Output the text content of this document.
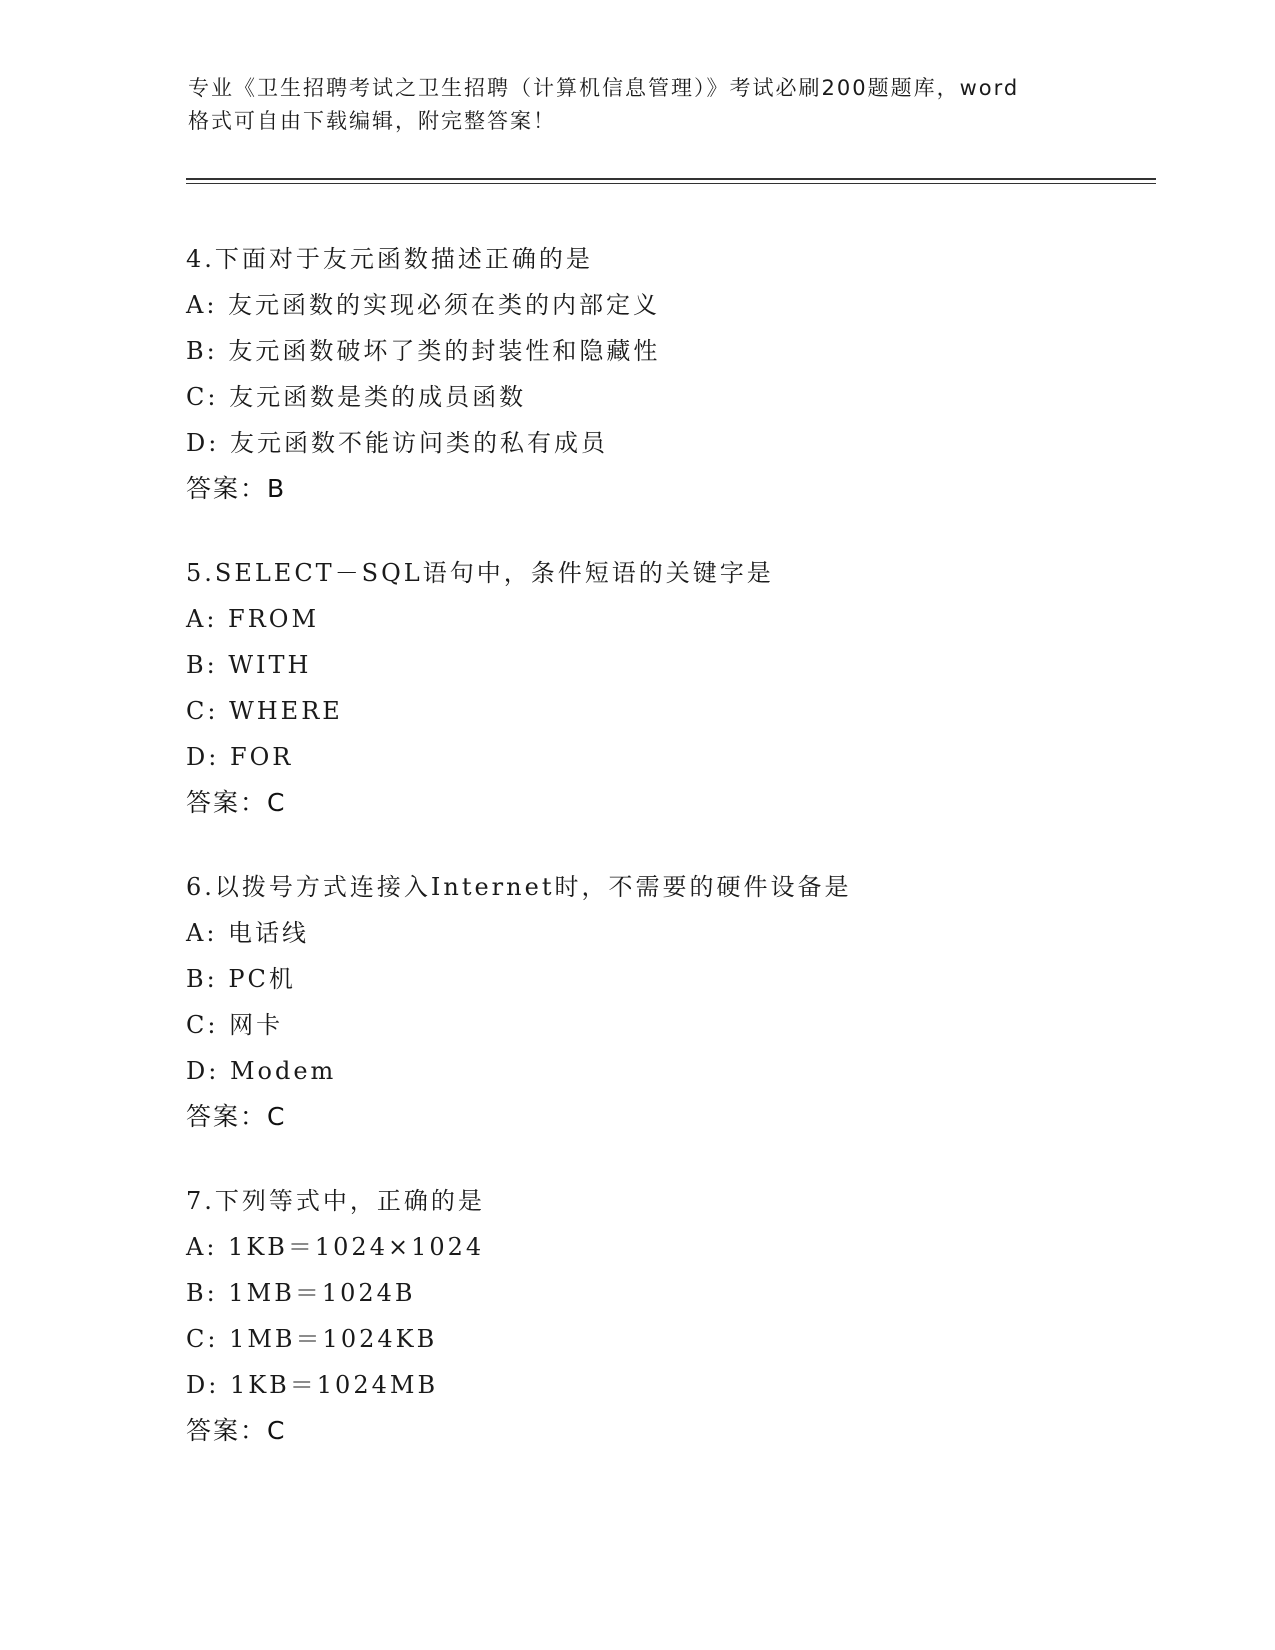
专业《卫生招聘考试之卫生招聘（计算机信息管理）》考试必刷200题题库，word
格式可自由下载编辑，附完整答案！
4.下面对于友元函数描述正确的是
A: 友元函数的实现必须在类的内部定义
B: 友元函数破坏了类的封装性和隐藏性
C: 友元函数是类的成员函数
D: 友元函数不能访问类的私有成员
答案：B
5.SELECT－SQL语句中，条件短语的关键字是
A: FROM
B: WITH
C: WHERE
D: FOR
答案：C
6.以拨号方式连接入Internet时，不需要的硬件设备是
A: 电话线
B: PC机
C: 网卡
D: Modem
答案：C
7.下列等式中，正确的是
A: 1KB＝1024×1024
B: 1MB＝1024B
C: 1MB＝1024KB
D: 1KB＝1024MB
答案：C
